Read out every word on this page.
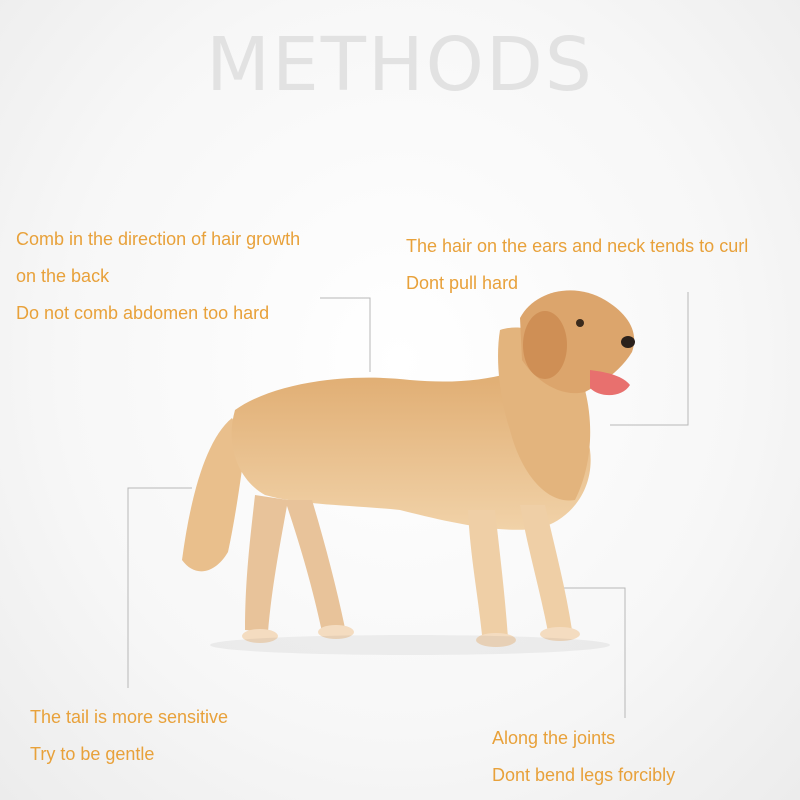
METHODS
Comb in the direction of hair growth
on the back
Do not comb abdomen too hard
The hair on the ears and neck tends to curl
Dont pull hard
The tail is more sensitive
Try to be gentle
Along the joints
Dont bend legs forcibly
